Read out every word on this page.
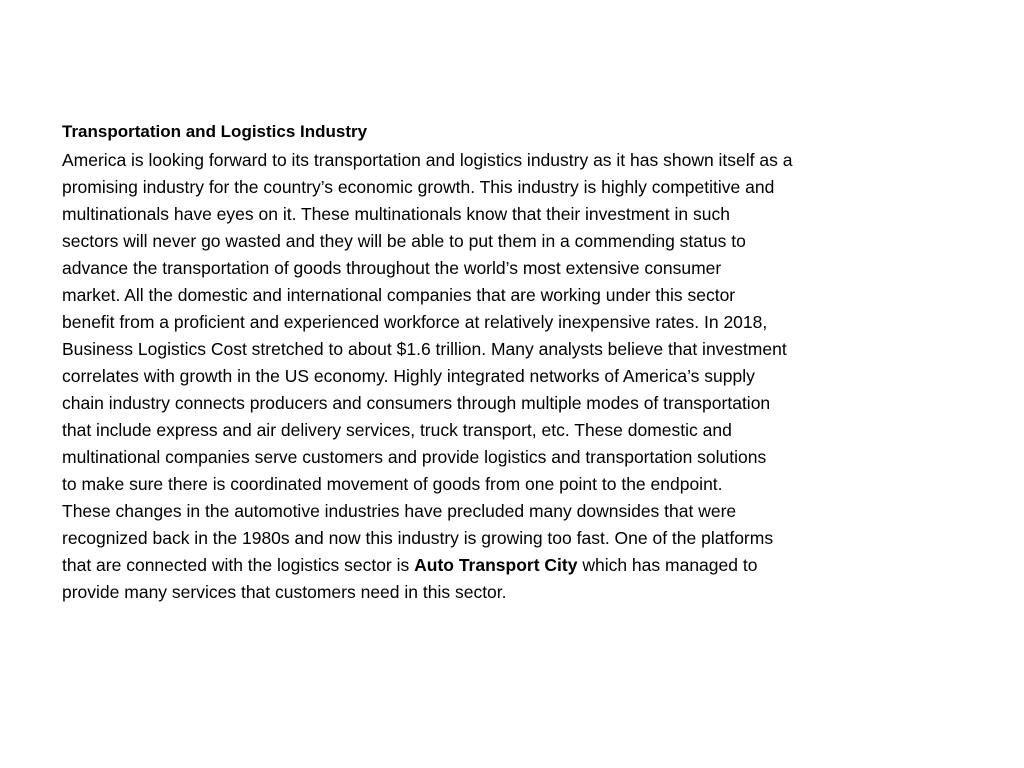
Transportation and Logistics Industry

America is looking forward to its transportation and logistics industry as it has shown itself as a
promising industry for the country’s economic growth. This industry is highly competitive and
multinationals have eyes on it. These multinationals know that their investment in such
sectors will never go wasted and they will be able to put them in a commending status to
advance the transportation of goods throughout the world’s most extensive consumer
market. All the domestic and international companies that are working under this sector
benefit from a proficient and experienced workforce at relatively inexpensive rates. In 2018,
Business Logistics Cost stretched to about $1.6 trillion. Many analysts believe that investment
correlates with growth in the US economy. Highly integrated networks of America’s supply
chain industry connects producers and consumers through multiple modes of transportation
that include express and air delivery services, truck transport, etc. These domestic and
multinational companies serve customers and provide logistics and transportation solutions
to make sure there is coordinated movement of goods from one point to the endpoint.
These changes in the automotive industries have precluded many downsides that were
recognized back in the 1980s and now this industry is growing too fast. One of the platforms
that are connected with the logistics sector is Auto Transport City which has managed to
provide many services that customers need in this sector.
